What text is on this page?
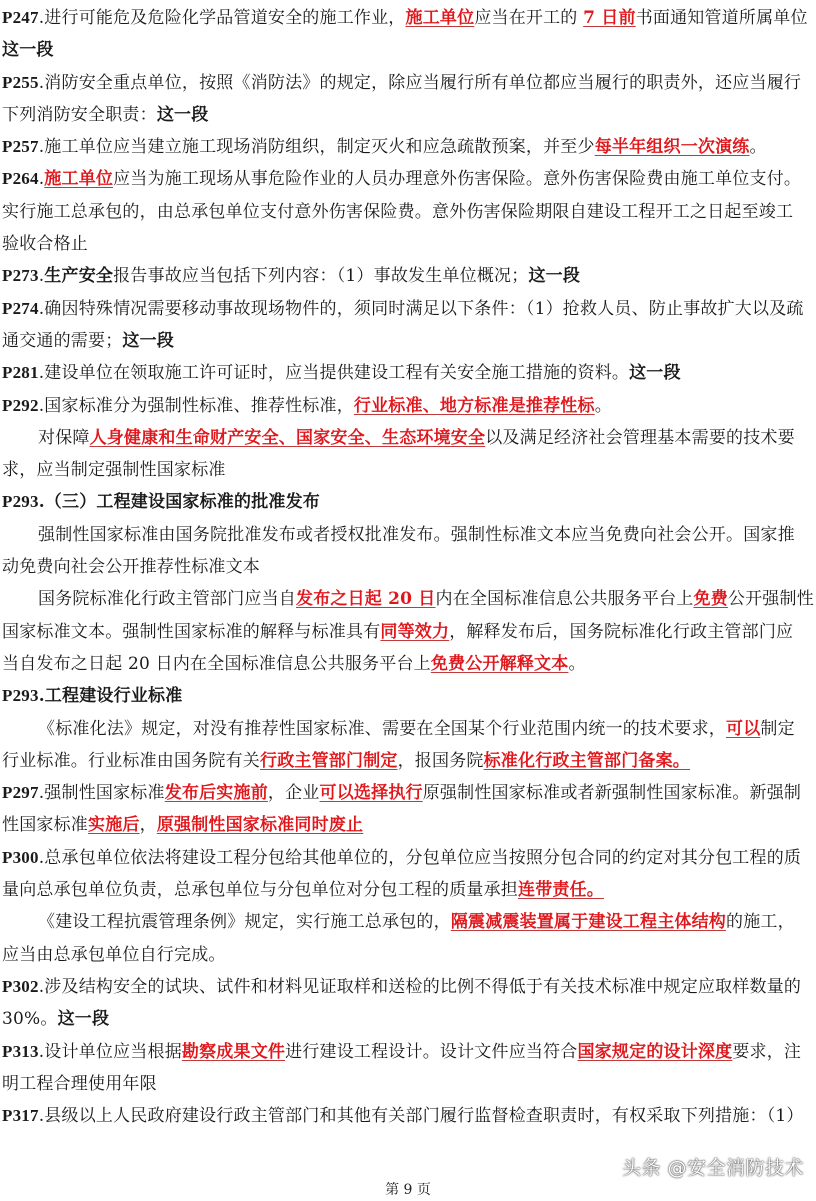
P247.进行可能危及危险化学品管道安全的施工作业，施工单位应当在开工的 7 日前书面通知管道所属单位
这一段
P255.消防安全重点单位，按照《消防法》的规定，除应当履行所有单位都应当履行的职责外，还应当履行
下列消防安全职责：这一段
P257.施工单位应当建立施工现场消防组织，制定灭火和应急疏散预案，并至少每半年组织一次演练。
P264.施工单位应当为施工现场从事危险作业的人员办理意外伤害保险。意外伤害保险费由施工单位支付。
实行施工总承包的，由总承包单位支付意外伤害保险费。意外伤害保险期限自建设工程开工之日起至竣工
验收合格止
P273.生产安全报告事故应当包括下列内容：（1）事故发生单位概况；这一段
P274.确因特殊情况需要移动事故现场物件的，须同时满足以下条件：（1）抢救人员、防止事故扩大以及疏
通交通的需要；这一段
P281.建设单位在领取施工许可证时，应当提供建设工程有关安全施工措施的资料。这一段
P292.国家标准分为强制性标准、推荐性标准，行业标准、地方标准是推荐性标。
对保障人身健康和生命财产安全、国家安全、生态环境安全以及满足经济社会管理基本需要的技术要
求，应当制定强制性国家标准
P293.（三）工程建设国家标准的批准发布
强制性国家标准由国务院批准发布或者授权批准发布。强制性标准文本应当免费向社会公开。国家推
动免费向社会公开推荐性标准文本
国务院标准化行政主管部门应当自发布之日起 20 日内在全国标准信息公共服务平台上免费公开强制性
国家标准文本。强制性国家标准的解释与标准具有同等效力，解释发布后，国务院标准化行政主管部门应
当自发布之日起 20 日内在全国标准信息公共服务平台上免费公开解释文本。
P293.工程建设行业标准
《标准化法》规定，对没有推荐性国家标准、需要在全国某个行业范围内统一的技术要求，可以制定
行业标准。行业标准由国务院有关行政主管部门制定，报国务院标准化行政主管部门备案。
P297.强制性国家标准发布后实施前，企业可以选择执行原强制性国家标准或者新强制性国家标准。新强制
性国家标准实施后，原强制性国家标准同时废止
P300.总承包单位依法将建设工程分包给其他单位的，分包单位应当按照分包合同的约定对其分包工程的质
量向总承包单位负责，总承包单位与分包单位对分包工程的质量承担连带责任。
《建设工程抗震管理条例》规定，实行施工总承包的，隔震减震装置属于建设工程主体结构的施工，
应当由总承包单位自行完成。
P302.涉及结构安全的试块、试件和材料见证取样和送检的比例不得低于有关技术标准中规定应取样数量的
30%。这一段
P313.设计单位应当根据勘察成果文件进行建设工程设计。设计文件应当符合国家规定的设计深度要求，注
明工程合理使用年限
P317.县级以上人民政府建设行政主管部门和其他有关部门履行监督检查职责时，有权采取下列措施：（1）
头条 @安全消防技术
第 9 页
